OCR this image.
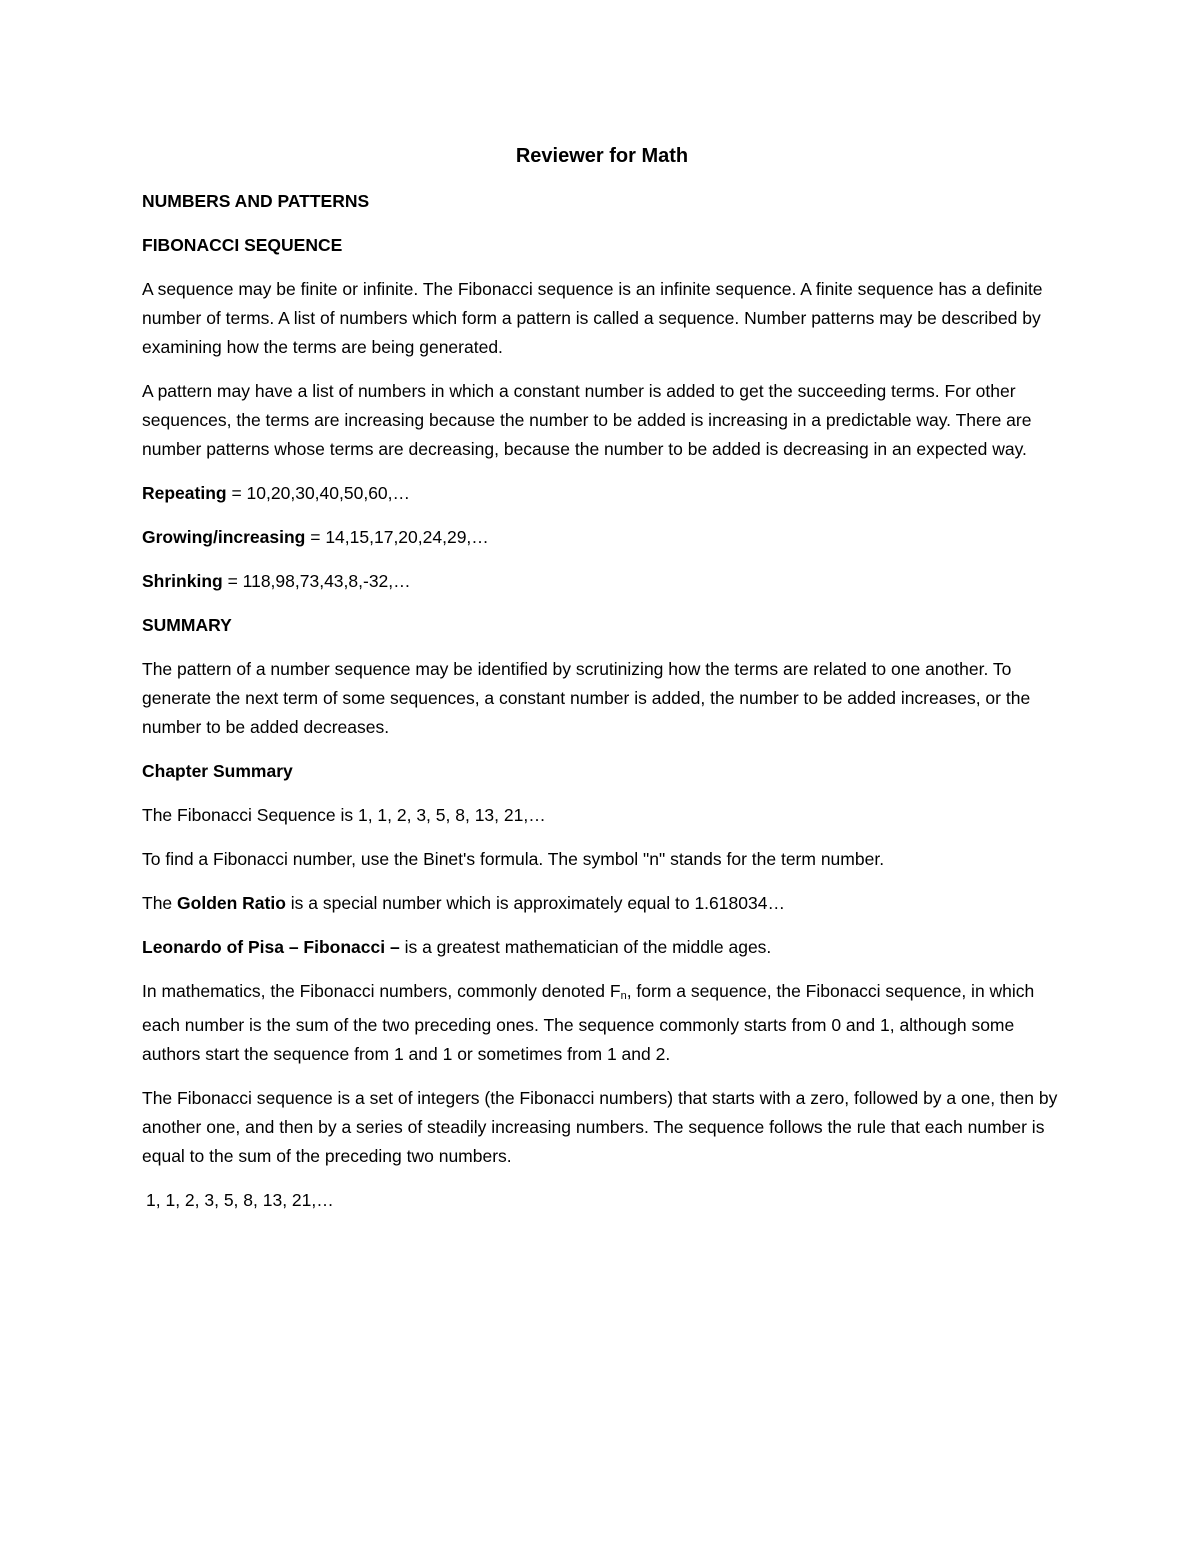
Reviewer for Math

NUMBERS AND PATTERNS

FIBONACCI SEQUENCE

A sequence may be finite or infinite. The Fibonacci sequence is an infinite sequence. A finite sequence has a definite number of terms. A list of numbers which form a pattern is called a sequence. Number patterns may be described by examining how the terms are being generated.

A pattern may have a list of numbers in which a constant number is added to get the succeeding terms. For other sequences, the terms are increasing because the number to be added is increasing in a predictable way. There are number patterns whose terms are decreasing, because the number to be added is decreasing in an expected way.

Repeating = 10,20,30,40,50,60,…

Growing/increasing = 14,15,17,20,24,29,…

Shrinking = 118,98,73,43,8,-32,…

SUMMARY

The pattern of a number sequence may be identified by scrutinizing how the terms are related to one another. To generate the next term of some sequences, a constant number is added, the number to be added increases, or the number to be added decreases.

Chapter Summary

The Fibonacci Sequence is 1, 1, 2, 3, 5, 8, 13, 21,…

To find a Fibonacci number, use the Binet's formula. The symbol "n" stands for the term number.

The Golden Ratio is a special number which is approximately equal to 1.618034…

Leonardo of Pisa – Fibonacci – is a greatest mathematician of the middle ages.

In mathematics, the Fibonacci numbers, commonly denoted Fn, form a sequence, the Fibonacci sequence, in which each number is the sum of the two preceding ones. The sequence commonly starts from 0 and 1, although some authors start the sequence from 1 and 1 or sometimes from 1 and 2.

The Fibonacci sequence is a set of integers (the Fibonacci numbers) that starts with a zero, followed by a one, then by another one, and then by a series of steadily increasing numbers. The sequence follows the rule that each number is equal to the sum of the preceding two numbers.

1, 1, 2, 3, 5, 8, 13, 21,…
